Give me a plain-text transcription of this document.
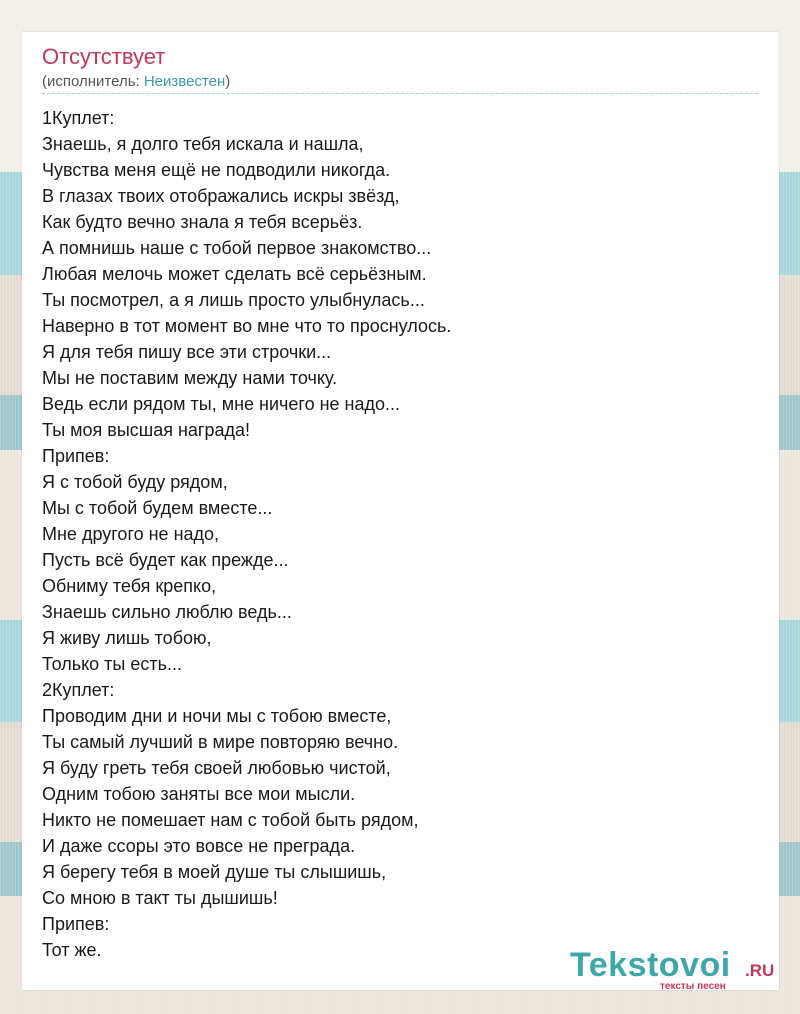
Отсутствует
(исполнитель: Неизвестен)
1Куплет:
Знаешь, я долго тебя искала и нашла,
Чувства меня ещё не подводили никогда.
В глазах твоих отображались искры звёзд,
Как будто вечно знала я тебя всерьёз.
А помнишь наше с тобой первое знакомство...
Любая мелочь может сделать всё серьёзным.
Ты посмотрел, а я лишь просто улыбнулась...
Наверно в тот момент во мне что то проснулось.
Я для тебя пишу все эти строчки...
Мы не поставим между нами точку.
Ведь если рядом ты, мне ничего не надо...
Ты моя высшая награда!
Припев:
Я с тобой буду рядом,
Мы с тобой будем вместе...
Мне другого не надо,
Пусть всё будет как прежде...
Обниму тебя крепко,
Знаешь сильно люблю ведь...
Я живу лишь тобою,
Только ты есть...
2Куплет:
Проводим дни и ночи мы с тобою вместе,
Ты самый лучший в мире повторяю вечно.
Я буду греть тебя своей любовью чистой,
Одним тобою заняты все мои мысли.
Никто не помешает нам с тобой быть рядом,
И даже ссоры это вовсе не преграда.
Я берегу тебя в моей душе ты слышишь,
Со мною в такт ты дышишь!
Припев:
Тот же.	Tekstovoi .RU
тексты песен
